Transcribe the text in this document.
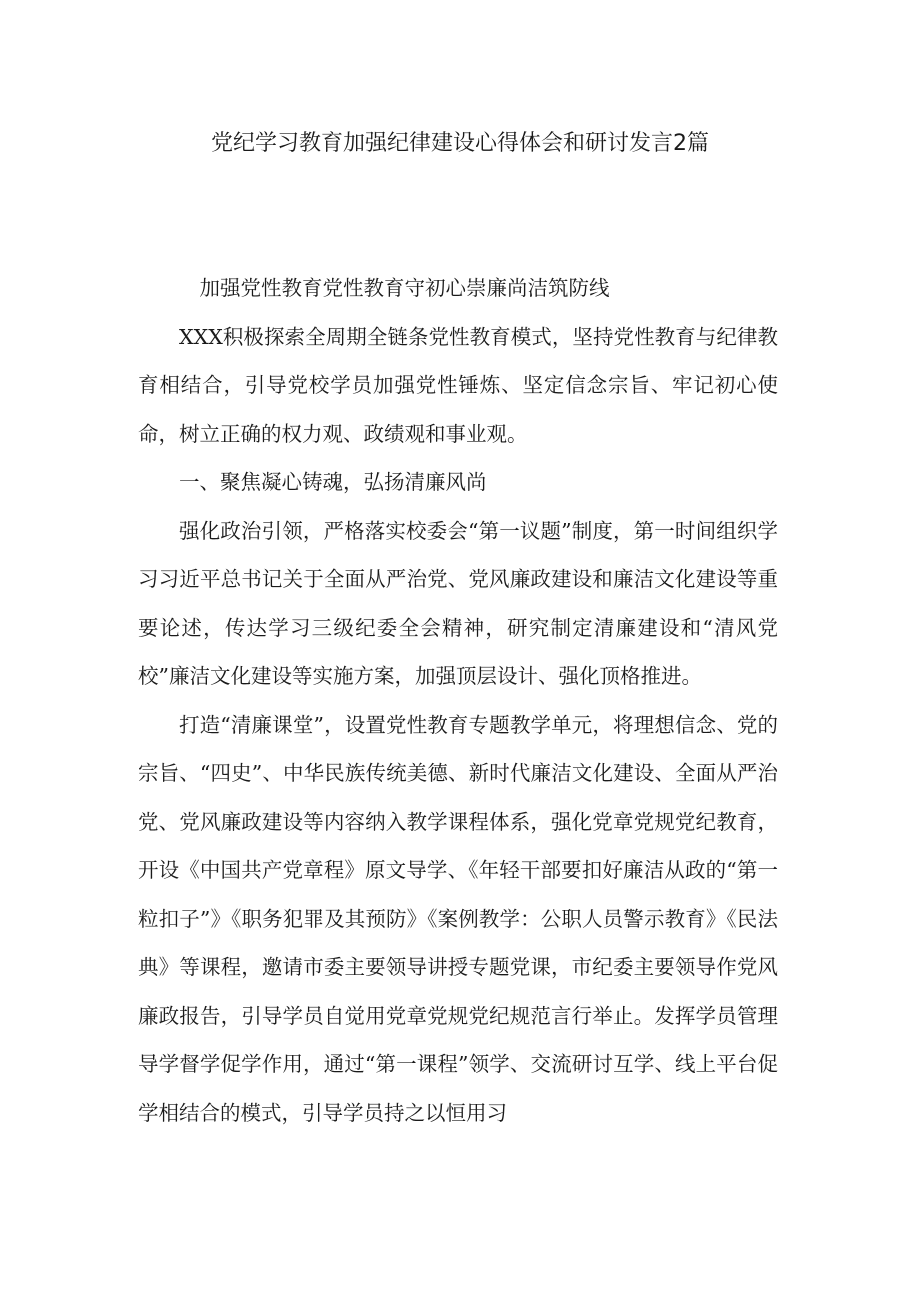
党纪学习教育加强纪律建设心得体会和研讨发言2篇

加强党性教育党性教育守初心崇廉尚洁筑防线

XXX积极探索全周期全链条党性教育模式，坚持党性教育与纪律教育相结合，引导党校学员加强党性锤炼、坚定信念宗旨、牢记初心使命，树立正确的权力观、政绩观和事业观。

一、聚焦凝心铸魂，弘扬清廉风尚

强化政治引领，严格落实校委会“第一议题”制度，第一时间组织学习习近平总书记关于全面从严治党、党风廉政建设和廉洁文化建设等重要论述，传达学习三级纪委全会精神，研究制定清廉建设和“清风党校”廉洁文化建设等实施方案，加强顶层设计、强化顶格推进。

打造“清廉课堂”，设置党性教育专题教学单元，将理想信念、党的宗旨、“四史”、中华民族传统美德、新时代廉洁文化建设、全面从严治党、党风廉政建设等内容纳入教学课程体系，强化党章党规党纪教育，开设《中国共产党章程》原文导学、《年轻干部要扣好廉洁从政的“第一粒扣子”》《职务犯罪及其预防》《案例教学：公职人员警示教育》《民法典》等课程，邀请市委主要领导讲授专题党课，市纪委主要领导作党风廉政报告，引导学员自觉用党章党规党纪规范言行举止。发挥学员管理导学督学促学作用，通过“第一课程”领学、交流研讨互学、线上平台促学相结合的模式，引导学员持之以恒用习
